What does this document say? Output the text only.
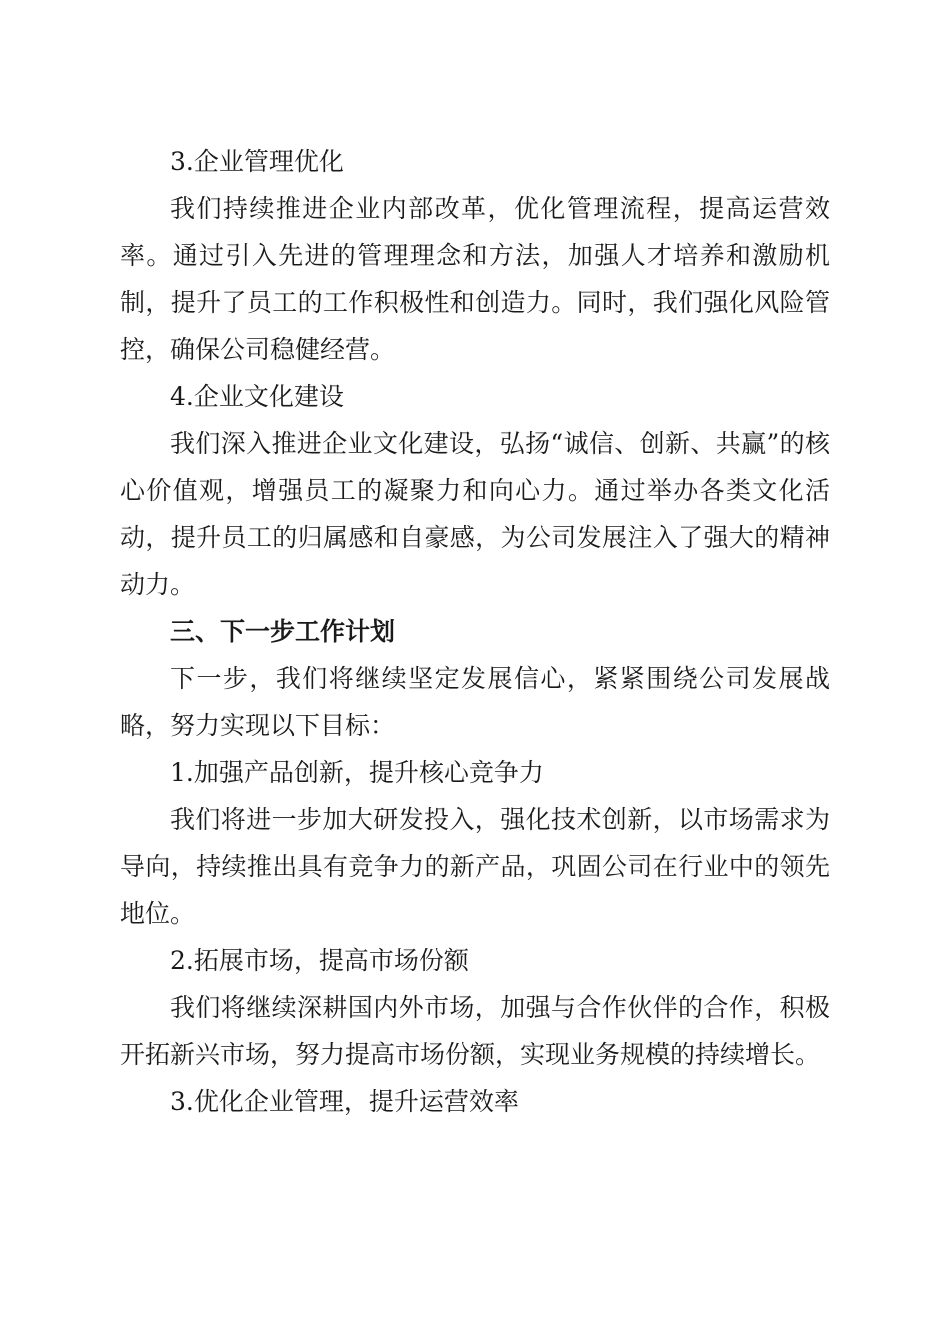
3.企业管理优化

我们持续推进企业内部改革，优化管理流程，提高运营效率。通过引入先进的管理理念和方法，加强人才培养和激励机制，提升了员工的工作积极性和创造力。同时，我们强化风险管控，确保公司稳健经营。

4.企业文化建设

我们深入推进企业文化建设，弘扬“诚信、创新、共赢”的核心价值观，增强员工的凝聚力和向心力。通过举办各类文化活动，提升员工的归属感和自豪感，为公司发展注入了强大的精神动力。

三、下一步工作计划

下一步，我们将继续坚定发展信心，紧紧围绕公司发展战略，努力实现以下目标：

1.加强产品创新，提升核心竞争力

我们将进一步加大研发投入，强化技术创新，以市场需求为导向，持续推出具有竞争力的新产品，巩固公司在行业中的领先地位。

2.拓展市场，提高市场份额

我们将继续深耕国内外市场，加强与合作伙伴的合作，积极开拓新兴市场，努力提高市场份额，实现业务规模的持续增长。

3.优化企业管理，提升运营效率
